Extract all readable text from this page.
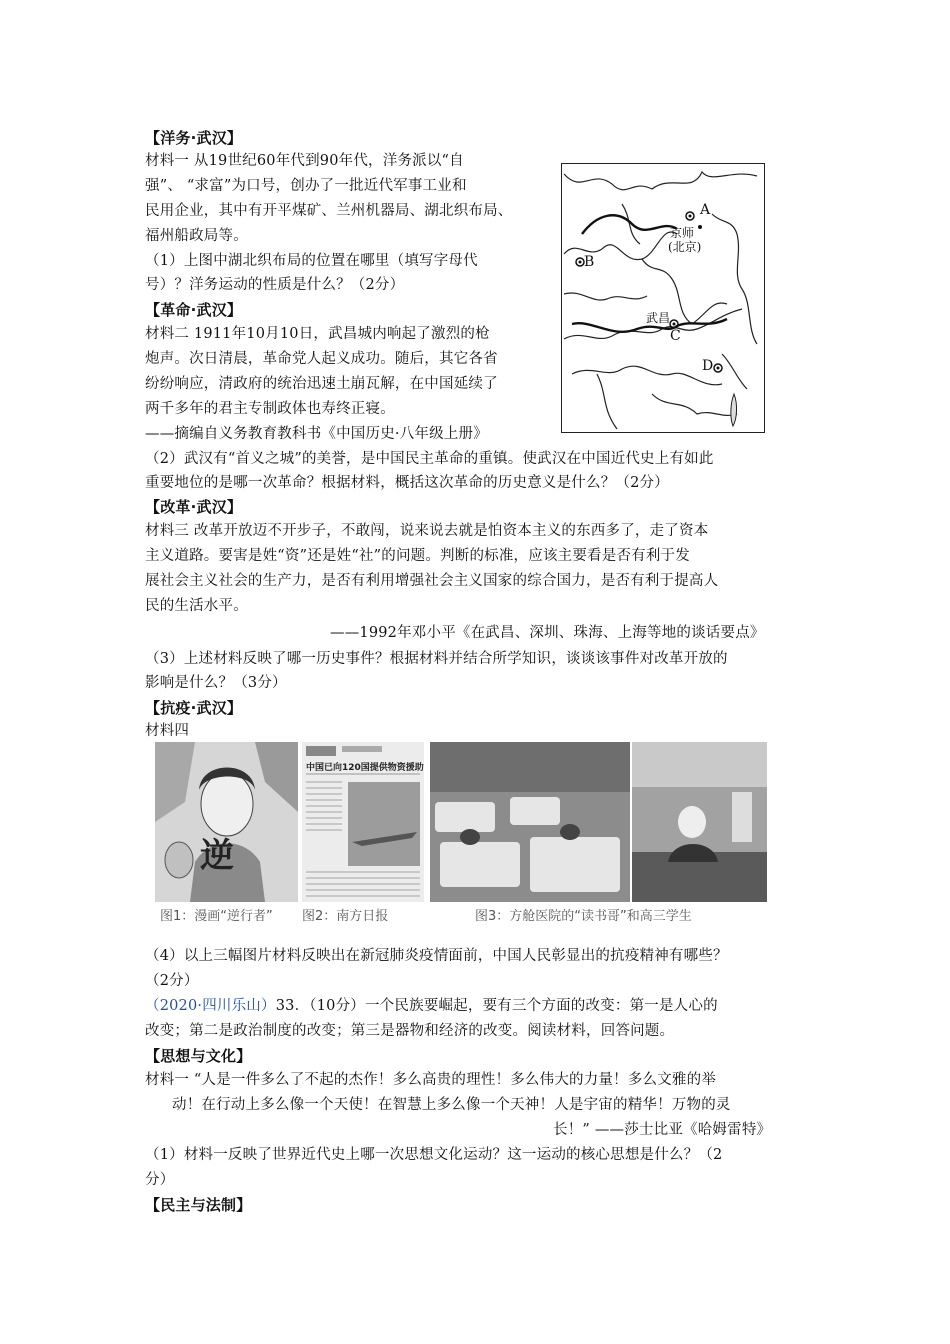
【洋务·武汉】
材料一 从19世纪60年代到90年代，洋务派以“自
强”、 “求富”为口号，创办了一批近代军事工业和
民用企业，其中有开平煤矿、兰州机器局、湖北织布局、
福州船政局等。
（1）上图中湖北织布局的位置在哪里（填写字母代
号）？洋务运动的性质是什么？（2分）
A
京师
(北京)
B
武昌
C
D
【革命·武汉】
材料二 1911年10月10日，武昌城内响起了激烈的枪
炮声。次日清晨，革命党人起义成功。随后，其它各省
纷纷响应，清政府的统治迅速土崩瓦解，在中国延续了
两千多年的君主专制政体也寿终正寝。
——摘编自义务教育教科书《中国历史·八年级上册》
（2）武汉有“首义之城”的美誉，是中国民主革命的重镇。使武汉在中国近代史上有如此
重要地位的是哪一次革命？根据材料，概括这次革命的历史意义是什么？（2分）
【改革·武汉】
材料三 改革开放迈不开步子，不敢闯，说来说去就是怕资本主义的东西多了，走了资本
主义道路。要害是姓“资”还是姓“社”的问题。判断的标准，应该主要看是否有利于发
展社会主义社会的生产力，是否有利用增强社会主义国家的综合国力，是否有利于提高人
民的生活水平。
——1992年邓小平《在武昌、深圳、珠海、上海等地的谈话要点》
（3）上述材料反映了哪一历史事件？根据材料并结合所学知识，谈谈该事件对改革开放的
影响是什么？（3分）
【抗疫·武汉】
材料四
逆
中国已向120国提供物资援助
图1：漫画“逆行者” 图2：南方日报	图3：方舱医院的“读书哥”和高三学生
（4）以上三幅图片材料反映出在新冠肺炎疫情面前，中国人民彰显出的抗疫精神有哪些？
（2分）
（2020·四川乐山）33．（10分）一个民族要崛起，要有三个方面的改变：第一是人心的
改变；第二是政治制度的改变；第三是器物和经济的改变。阅读材料，回答问题。
【思想与文化】
材料一 “人是一件多么了不起的杰作！多么高贵的理性！多么伟大的力量！多么文雅的举
动！在行动上多么像一个天使！在智慧上多么像一个天神！人是宇宙的精华！万物的灵
长！” ——莎士比亚《哈姆雷特》
（1）材料一反映了世界近代史上哪一次思想文化运动？这一运动的核心思想是什么？（2
分）
【民主与法制】
